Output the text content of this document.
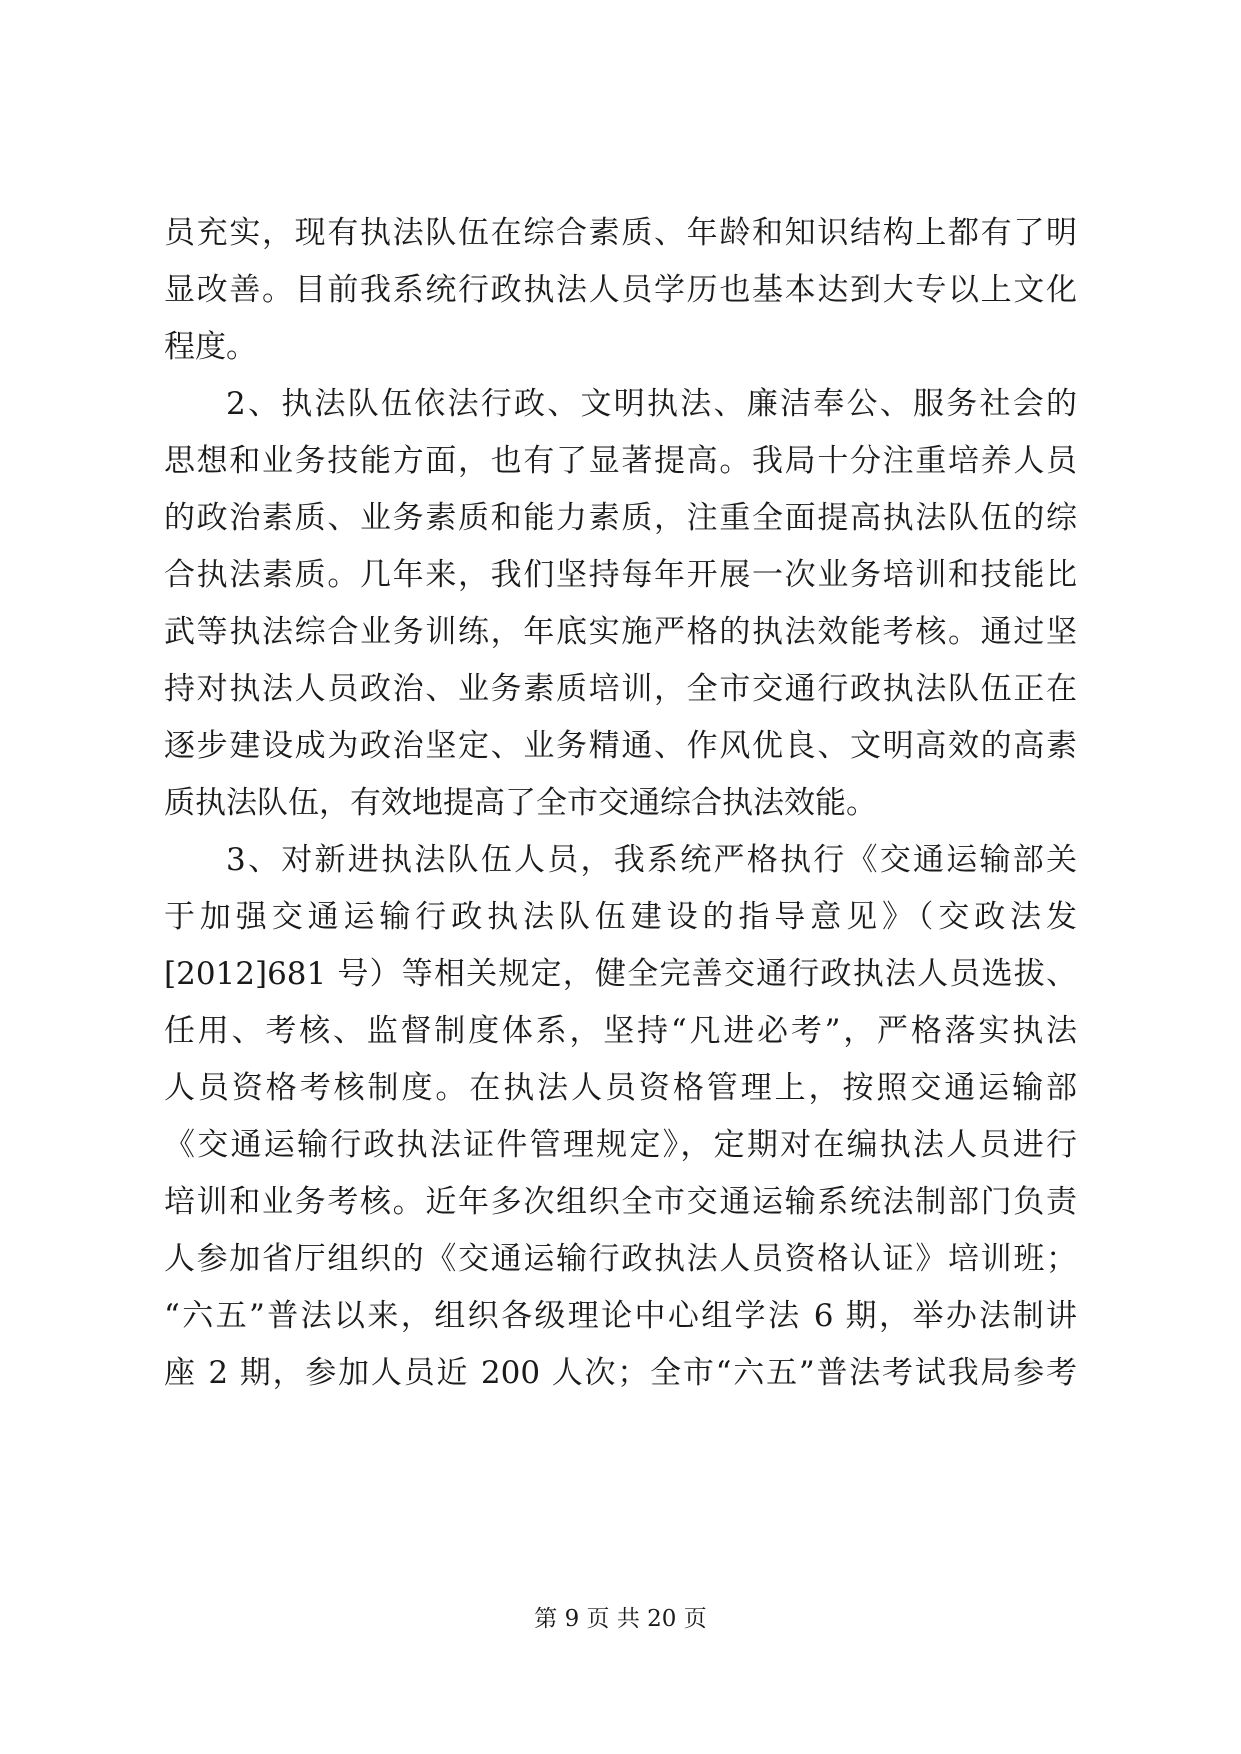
员充实，现有执法队伍在综合素质、年龄和知识结构上都有了明
显改善。目前我系统行政执法人员学历也基本达到大专以上文化
程度。
2、执法队伍依法行政、文明执法、廉洁奉公、服务社会的
思想和业务技能方面，也有了显著提高。我局十分注重培养人员
的政治素质、业务素质和能力素质，注重全面提高执法队伍的综
合执法素质。几年来，我们坚持每年开展一次业务培训和技能比
武等执法综合业务训练，年底实施严格的执法效能考核。通过坚
持对执法人员政治、业务素质培训，全市交通行政执法队伍正在
逐步建设成为政治坚定、业务精通、作风优良、文明高效的高素
质执法队伍，有效地提高了全市交通综合执法效能。
3、对新进执法队伍人员，我系统严格执行《交通运输部关
于加强交通运输行政执法队伍建设的指导意见》（交政法发
[2012]681 号）等相关规定，健全完善交通行政执法人员选拔、
任用、考核、监督制度体系，坚持“凡进必考”，严格落实执法
人员资格考核制度。在执法人员资格管理上，按照交通运输部
《交通运输行政执法证件管理规定》，定期对在编执法人员进行
培训和业务考核。近年多次组织全市交通运输系统法制部门负责
人参加省厅组织的《交通运输行政执法人员资格认证》培训班；
“六五”普法以来，组织各级理论中心组学法 6 期，举办法制讲
座 2 期，参加人员近 200 人次；全市“六五”普法考试我局参考
第 9 页 共 20 页
